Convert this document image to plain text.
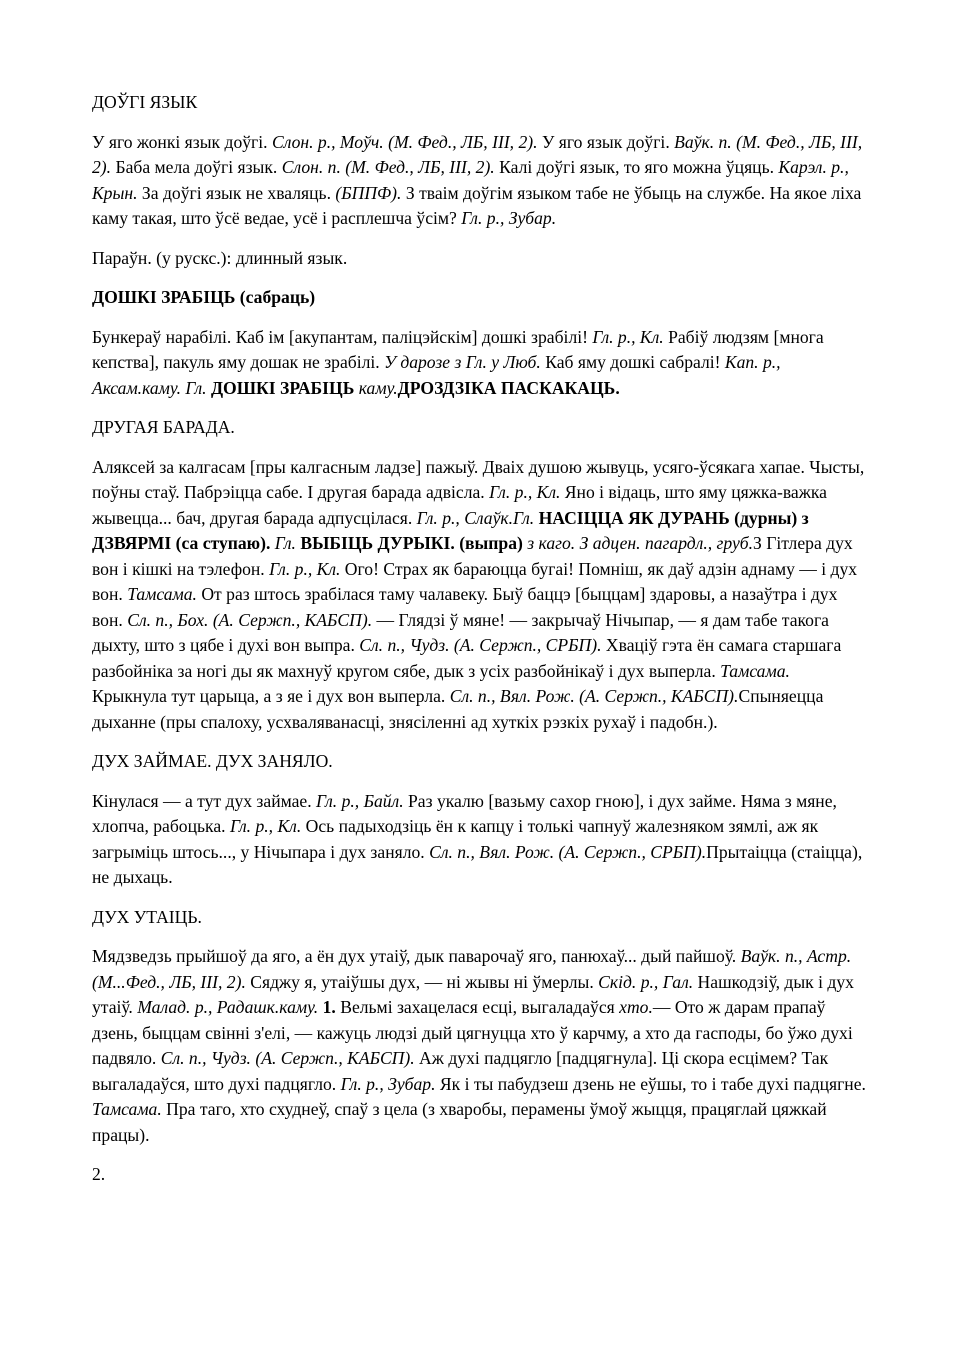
ДОЎГІ ЯЗЫК

У яго жонкі язык доўгі. Слон. р., Моўч. (М. Фед., ЛБ, III, 2). У яго язык доўгі. Ваўк. п. (М. Фед., ЛБ, III, 2). Баба мела доўгі язык. Слон. п. (М. Фед., ЛБ, III, 2). Калі доўгі язык, то яго можна ўцяць. Карэл. р., Крын. За доўгі язык не хваляць. (БППФ). З тваім доўгім языком табе не ўбыць на службе. На якое ліха каму такая, што ўсё ведае, усё і расплешча ўсім? Гл. р., Зубар.

Параўн. (у рускс.): длинный язык.

ДОШКІ ЗРАБІЦЬ (сабраць)

Бункераў нарабілі. Каб ім [акупантам, паліцэйскім] дошкі зрабілі! Гл. р., Кл. Рабіў людзям [многа кепства], пакуль яму дошак не зрабілі. У дарозе з Гл. у Люб. Каб яму дошкі сабралі! Кап. р., Аксам.каму. Гл. ДОШКІ ЗРАБІЦЬ каму.ДРОЗДЗІКА ПАСКАКАЦЬ.

ДРУГАЯ БАРАДА.

Аляксей за калгасам [пры калгасным ладзе] пажыў. Дваіх душою жывуць, усяго-ўсякага хапае. Чысты, поўны стаў. Пабрэіцца сабе. І другая барада адвісла. Гл. р., Кл. Яно і відаць, што яму цяжка-важка жывецца... бач, другая барада адпусцілася. Гл. р., Слаўк.Гл. НАСІЦЦА ЯК ДУРАНЬ (дурны) з ДЗВЯРМІ (са ступаю). Гл. ВЫБІЦЬ ДУРЫКІ. (выпра) з каго. З адцен. пагардл., груб.З Гітлера дух вон і кішкі на тэлефон. Гл. р., Кл. Ого! Страх як бараюцца бугаі! Помніш, як даў адзін аднаму — і дух вон. Тамсама. От раз штось зрабілася таму чалавеку. Быў баццэ [быццам] здаровы, а назаўтра і дух вон. Сл. п., Бох. (А. Сержп., КАБСП). — Глядзі ў мяне! — закрычаў Нічыпар, — я дам табе такога дыхту, што з цябе і духі вон выпра. Сл. п., Чудз. (А. Сержп., СРБП). Хваціў гэта ён самага старшага разбойніка за ногі ды як махнуў кругом сябе, дык з усіх разбойнікаў і дух выперла. Тамсама. Крыкнула тут царыца, а з яе і дух вон выперла. Сл. п., Вял. Рож. (А. Сержп., КАБСП).Спыняецца дыханне (пры спалоху, усхваляванасці, знясіленні ад хуткіх рэзкіх рухаў і падобн.).

ДУХ ЗАЙМАЕ. ДУХ ЗАНЯЛО.

Кінулася — а тут дух займае. Гл. р., Байл. Раз укалю [вазьму сахор гною], і дух займе. Няма з мяне, хлопча, рабоцька. Гл. р., Кл. Ось падыходзіць ён к капцу і толькі чапнуў жалезняком зямлі, аж як загрыміць штось..., у Нічыпара і дух заняло. Сл. п., Вял. Рож. (А. Сержп., СРБП).Прытаіцца (стаіцца), не дыхаць.

ДУХ УТАІЦЬ.

Мядзведзь прыйшоў да яго, а ён дух утаіў, дык паварочаў яго, панюхаў... дый пайшоў. Ваўк. п., Астр. (М...Фед., ЛБ, III, 2). Сяджу я, утаіўшы дух, — ні жывы ні ўмерлы. Скід. р., Гал. Нашкодзіў, дык і дух утаіў. Малад. р., Радашк.каму. 1. Вельмі захацелася есці, выгаладаўся хто.— Ото ж дарам прапаў дзень, быццам свінні з'елі, — кажуць людзі дый цягнуцца хто ў карчму, а хто да гасподы, бо ўжо духі падвяло. Сл. п., Чудз. (А. Сержп., КАБСП). Аж духі падцягло [падцягнула]. Ці скора есцімем? Так выгаладаўся, што духі падцягло. Гл. р., Зубар. Як і ты пабудзеш дзень не еўшы, то і табе духі падцягне. Тамсама. Пра таго, хто схуднеў, спаў з цела (з хваробы, перамены ўмоў жыцця, працяглай цяжкай працы).

2.
